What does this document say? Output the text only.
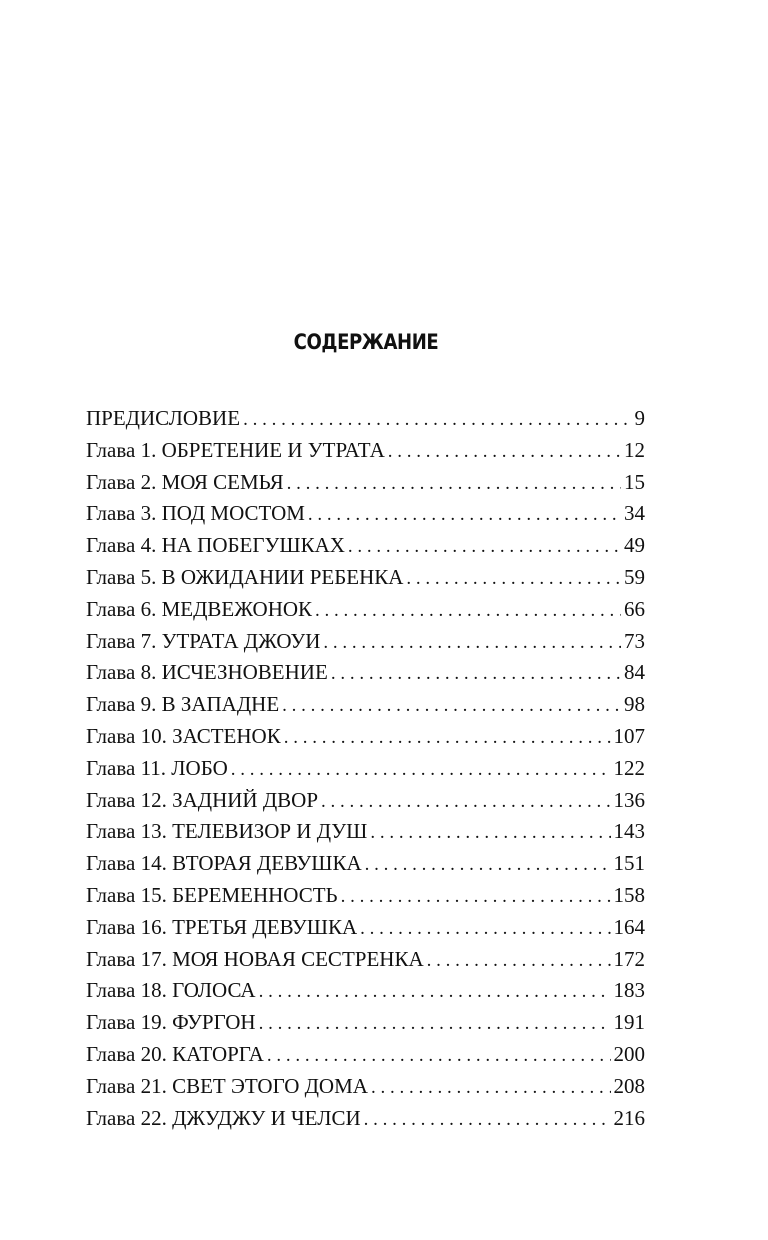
СОДЕРЖАНИЕ
ПРЕДИСЛОВИЕ . . .	9
Глава 1. ОБРЕТЕНИЕ И УТРАТА . . .	12
Глава 2. МОЯ СЕМЬЯ . . .	15
Глава 3. ПОД МОСТОМ . . .	34
Глава 4. НА ПОБЕГУШКАХ . . .	49
Глава 5. В ОЖИДАНИИ РЕБЕНКА . . .	59
Глава 6. МЕДВЕЖОНОК . . .	66
Глава 7. УТРАТА ДЖОУИ . . .	73
Глава 8. ИСЧЕЗНОВЕНИЕ . . .	84
Глава 9. В ЗАПАДНЕ . . .	98
Глава 10. ЗАСТЕНОК . . .	107
Глава 11. ЛОБО . . .	122
Глава 12. ЗАДНИЙ ДВОР . . .	136
Глава 13. ТЕЛЕВИЗОР И ДУШ . . .	143
Глава 14. ВТОРАЯ ДЕВУШКА . . .	151
Глава 15. БЕРЕМЕННОСТЬ . . .	158
Глава 16. ТРЕТЬЯ ДЕВУШКА . . .	164
Глава 17. МОЯ НОВАЯ СЕСТРЕНКА . . .	172
Глава 18. ГОЛОСА . . .	183
Глава 19. ФУРГОН . . .	191
Глава 20. КАТОРГА . . .	200
Глава 21. СВЕТ ЭТОГО ДОМА . . .	208
Глава 22. ДЖУДЖУ И ЧЕЛСИ . . .	216
